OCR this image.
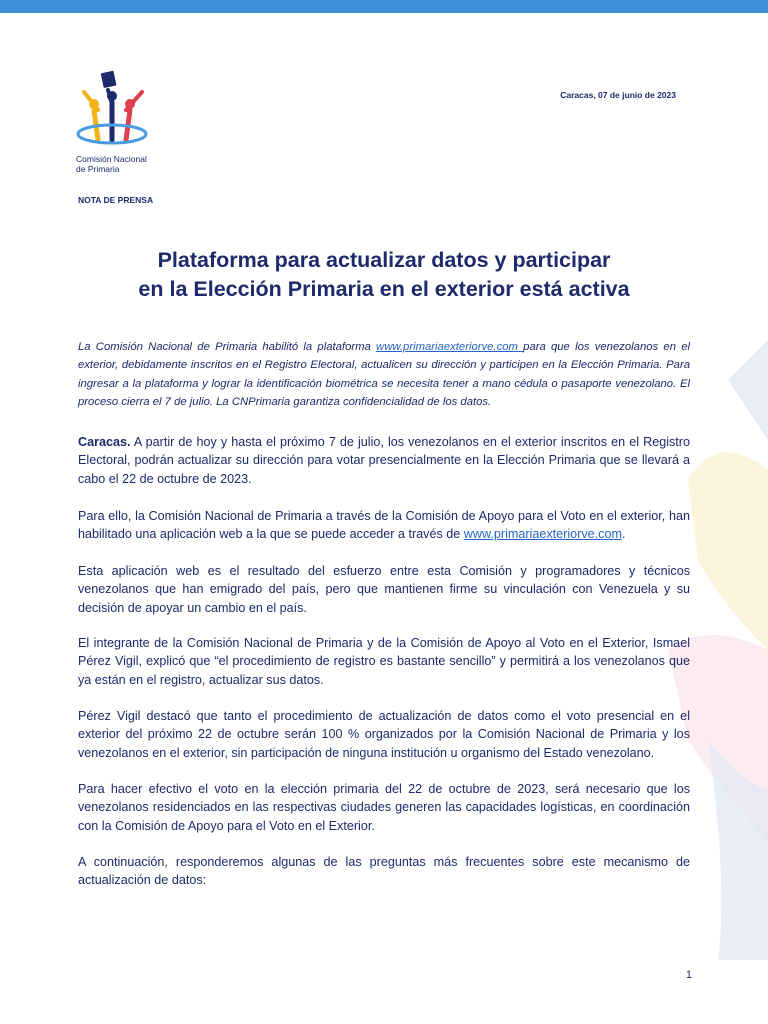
Comisión Nacional
de Primaria
Caracas, 07 de junio de 2023
NOTA DE PRENSA
Plataforma para actualizar datos y participar
en la Elección Primaria en el exterior está activa

La Comisión Nacional de Primaria habilitó la plataforma www.primariaexteriorve.com para que los venezolanos en el exterior, debidamente inscritos en el Registro Electoral, actualicen su dirección y participen en la Elección Primaria. Para ingresar a la plataforma y lograr la identificación biométrica se necesita tener a mano cédula o pasaporte venezolano. El proceso cierra el 7 de julio. La CNPrimaria garantiza confidencialidad de los datos.

Caracas. A partir de hoy y hasta el próximo 7 de julio, los venezolanos en el exterior inscritos en el Registro Electoral, podrán actualizar su dirección para votar presencialmente en la Elección Primaria que se llevará a cabo el 22 de octubre de 2023.

Para ello, la Comisión Nacional de Primaria a través de la Comisión de Apoyo para el Voto en el exterior, han habilitado una aplicación web a la que se puede acceder a través de www.primariaexteriorve.com.

Esta aplicación web es el resultado del esfuerzo entre esta Comisión y programadores y técnicos venezolanos que han emigrado del país, pero que mantienen firme su vinculación con Venezuela y su decisión de apoyar un cambio en el país.

El integrante de la Comisión Nacional de Primaria y de la Comisión de Apoyo al Voto en el Exterior, Ismael Pérez Vigil, explicó que “el procedimiento de registro es bastante sencillo” y permitirá a los venezolanos que ya están en el registro, actualizar sus datos.

Pérez Vigil destacó que tanto el procedimiento de actualización de datos como el voto presencial en el exterior del próximo 22 de octubre serán 100 % organizados por la Comisión Nacional de Primaria y los venezolanos en el exterior, sin participación de ninguna institución u organismo del Estado venezolano.

Para hacer efectivo el voto en la elección primaria del 22 de octubre de 2023, será necesario que los venezolanos residenciados en las respectivas ciudades generen las capacidades logísticas, en coordinación con la Comisión de Apoyo para el Voto en el Exterior.

A continuación, responderemos algunas de las preguntas más frecuentes sobre este mecanismo de actualización de datos:

1
